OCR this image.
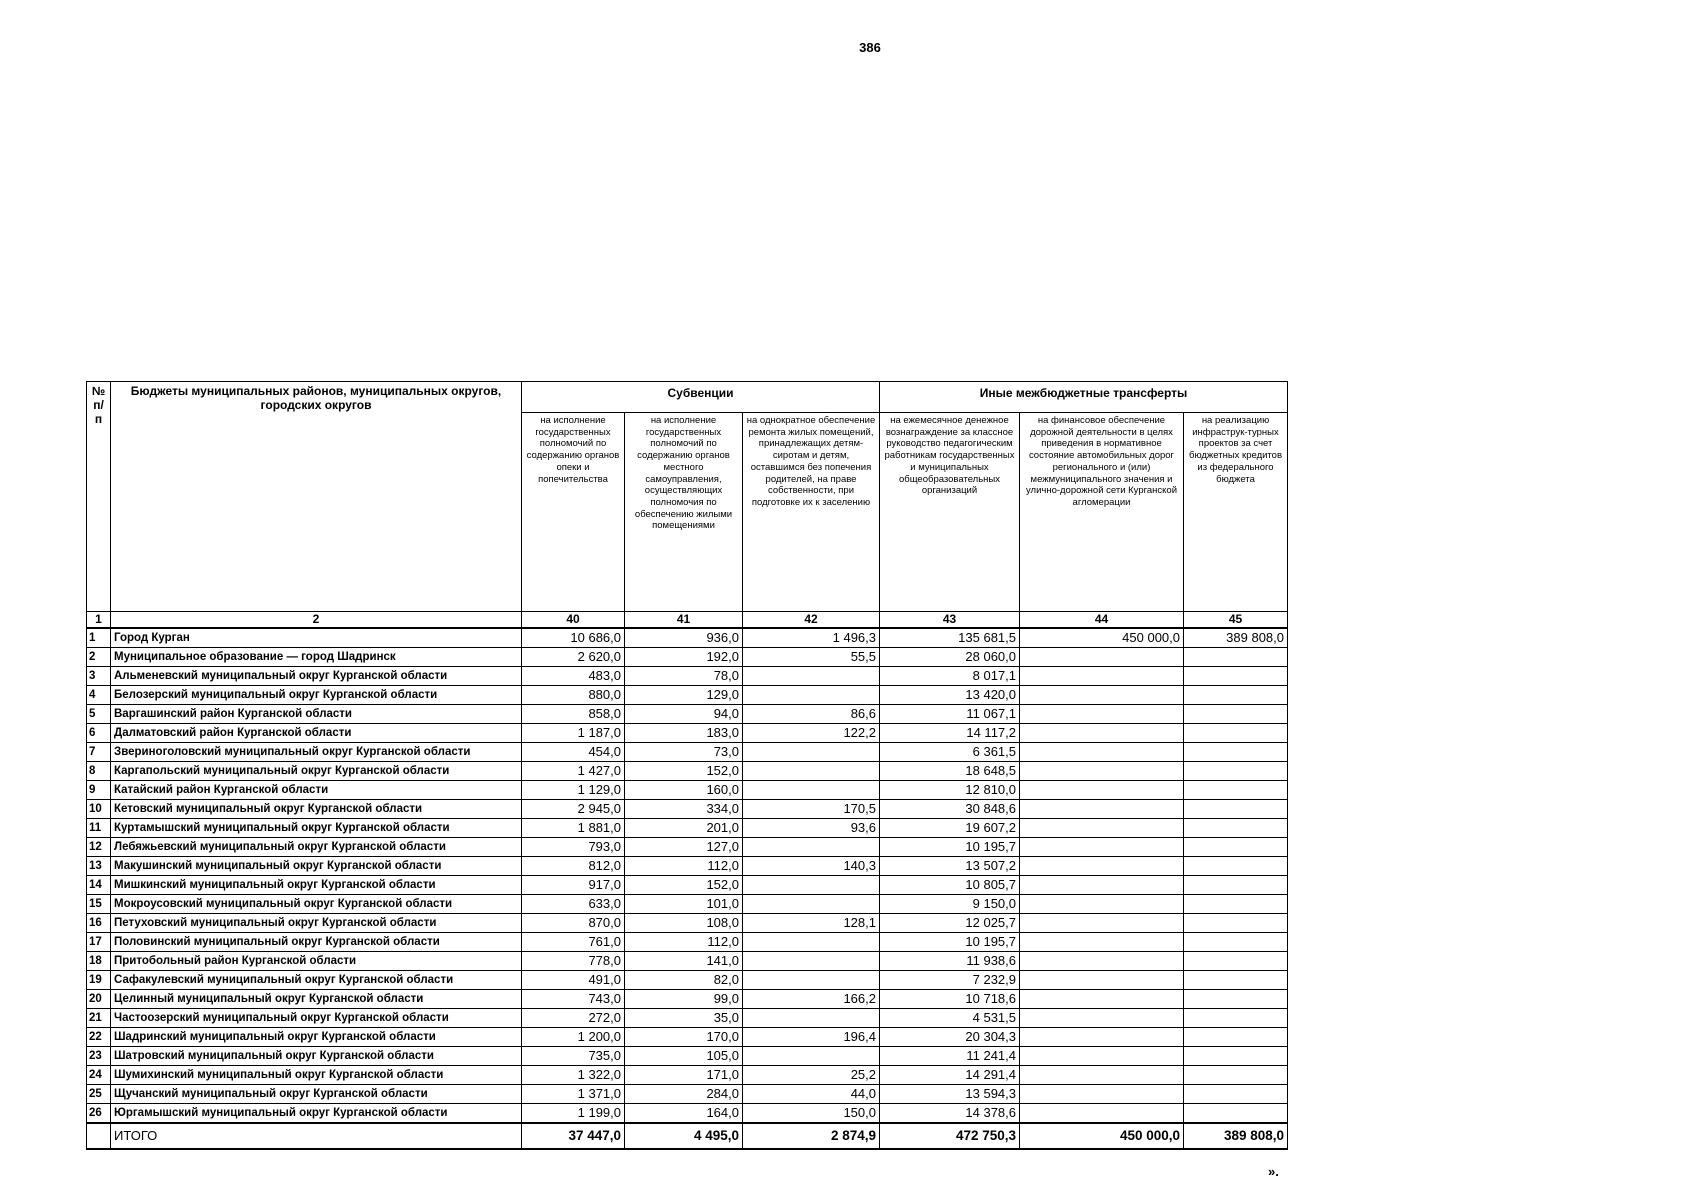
386
№ п/п	Бюджеты муниципальных районов, муниципальных округов, городских округов	Субвенции			Иные межбюджетные трансферты		
		на исполнение государственных полномочий по содержанию органов опеки и попечительства	на исполнение государственных полномочий по содержанию органов местного самоуправления, осуществляющих полномочия по обеспечению жилыми помещениями	на однократное обеспечение ремонта жилых помещений, принадлежащих детям-сиротам и детям, оставшимся без попечения родителей, на праве собственности, при подготовке их к заселению	на ежемесячное денежное вознаграждение за классное руководство педагогическим работникам государственных и муниципальных общеобразовательных организаций	на финансовое обеспечение дорожной деятельности в целях приведения в нормативное состояние автомобильных дорог регионального и (или) межмуниципального значения и улично-дорожной сети Курганской агломерации	на реализацию инфраструк-турных проектов за счет бюджетных кредитов из федерального бюджета
1	2	40	41	42	43	44	45
1	Город Курган	10 686,0	936,0	1 496,3	135 681,5	450 000,0	389 808,0
2	Муниципальное образование — город Шадринск	2 620,0	192,0	55,5	28 060,0		
3	Альменевский муниципальный округ Курганской области	483,0	78,0		8 017,1		
4	Белозерский муниципальный округ Курганской области	880,0	129,0		13 420,0		
5	Варгашинский район Курганской области	858,0	94,0	86,6	11 067,1		
6	Далматовский район Курганской области	1 187,0	183,0	122,2	14 117,2		
7	Звериноголовский муниципальный округ Курганской области	454,0	73,0		6 361,5		
8	Каргапольский муниципальный округ Курганской области	1 427,0	152,0		18 648,5		
9	Катайский район Курганской области	1 129,0	160,0		12 810,0		
10	Кетовский муниципальный округ Курганской области	2 945,0	334,0	170,5	30 848,6		
11	Куртамышский муниципальный округ Курганской области	1 881,0	201,0	93,6	19 607,2		
12	Лебяжьевский муниципальный округ Курганской области	793,0	127,0		10 195,7		
13	Макушинский муниципальный округ Курганской области	812,0	112,0	140,3	13 507,2		
14	Мишкинский муниципальный округ Курганской области	917,0	152,0		10 805,7		
15	Мокроусовский муниципальный округ Курганской области	633,0	101,0		9 150,0		
16	Петуховский муниципальный округ Курганской области	870,0	108,0	128,1	12 025,7		
17	Половинский муниципальный округ Курганской области	761,0	112,0		10 195,7		
18	Притобольный район Курганской области	778,0	141,0		11 938,6		
19	Сафакулевский муниципальный округ Курганской области	491,0	82,0		7 232,9		
20	Целинный муниципальный округ Курганской области	743,0	99,0	166,2	10 718,6		
21	Частоозерский муниципальный округ Курганской области	272,0	35,0		4 531,5		
22	Шадринский муниципальный округ Курганской области	1 200,0	170,0	196,4	20 304,3		
23	Шатровский муниципальный округ Курганской области	735,0	105,0		11 241,4		
24	Шумихинский муниципальный округ Курганской области	1 322,0	171,0	25,2	14 291,4		
25	Щучанский муниципальный округ Курганской области	1 371,0	284,0	44,0	13 594,3		
26	Юргамышский муниципальный округ Курганской области	1 199,0	164,0	150,0	14 378,6		
	ИТОГО	37 447,0	4 495,0	2 874,9	472 750,3	450 000,0	389 808,0
».
